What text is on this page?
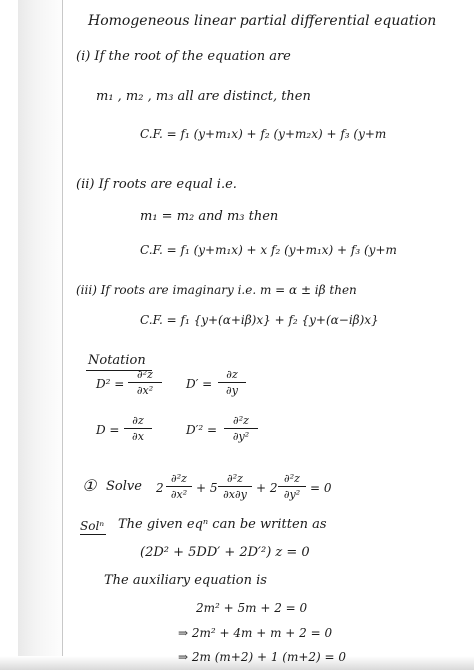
Homogeneous linear partial differential equation
(i) If the root of the equation are
m₁ , m₂ , m₃ all are distinct, then
C.F. = f₁ (y+m₁x) + f₂ (y+m₂x) + f₃ (y+m
(ii) If roots are equal i.e.
m₁ = m₂ and m₃ then
C.F. = f₁ (y+m₁x) + x f₂ (y+m₁x) + f₃ (y+m
(iii) If roots are imaginary i.e. m = α ± iβ then
C.F. = f₁ {y+(α+iβ)x} + f₂ {y+(α−iβ)x}
Notation
D² =
∂²z
∂x²	D′ =
∂z
∂y
D =
∂z
∂x	D′² =
∂²z
∂y²
① Solve 2
∂²z
∂x² + 5
∂²z
∂x∂y + 2
∂²z
∂y² = 0
Solⁿ The given eqⁿ can be written as
(2D² + 5DD′ + 2D′²) z = 0
The auxiliary equation is
2m² + 5m + 2 = 0
⇒ 2m² + 4m + m + 2 = 0
⇒ 2m (m+2) + 1 (m+2) = 0
